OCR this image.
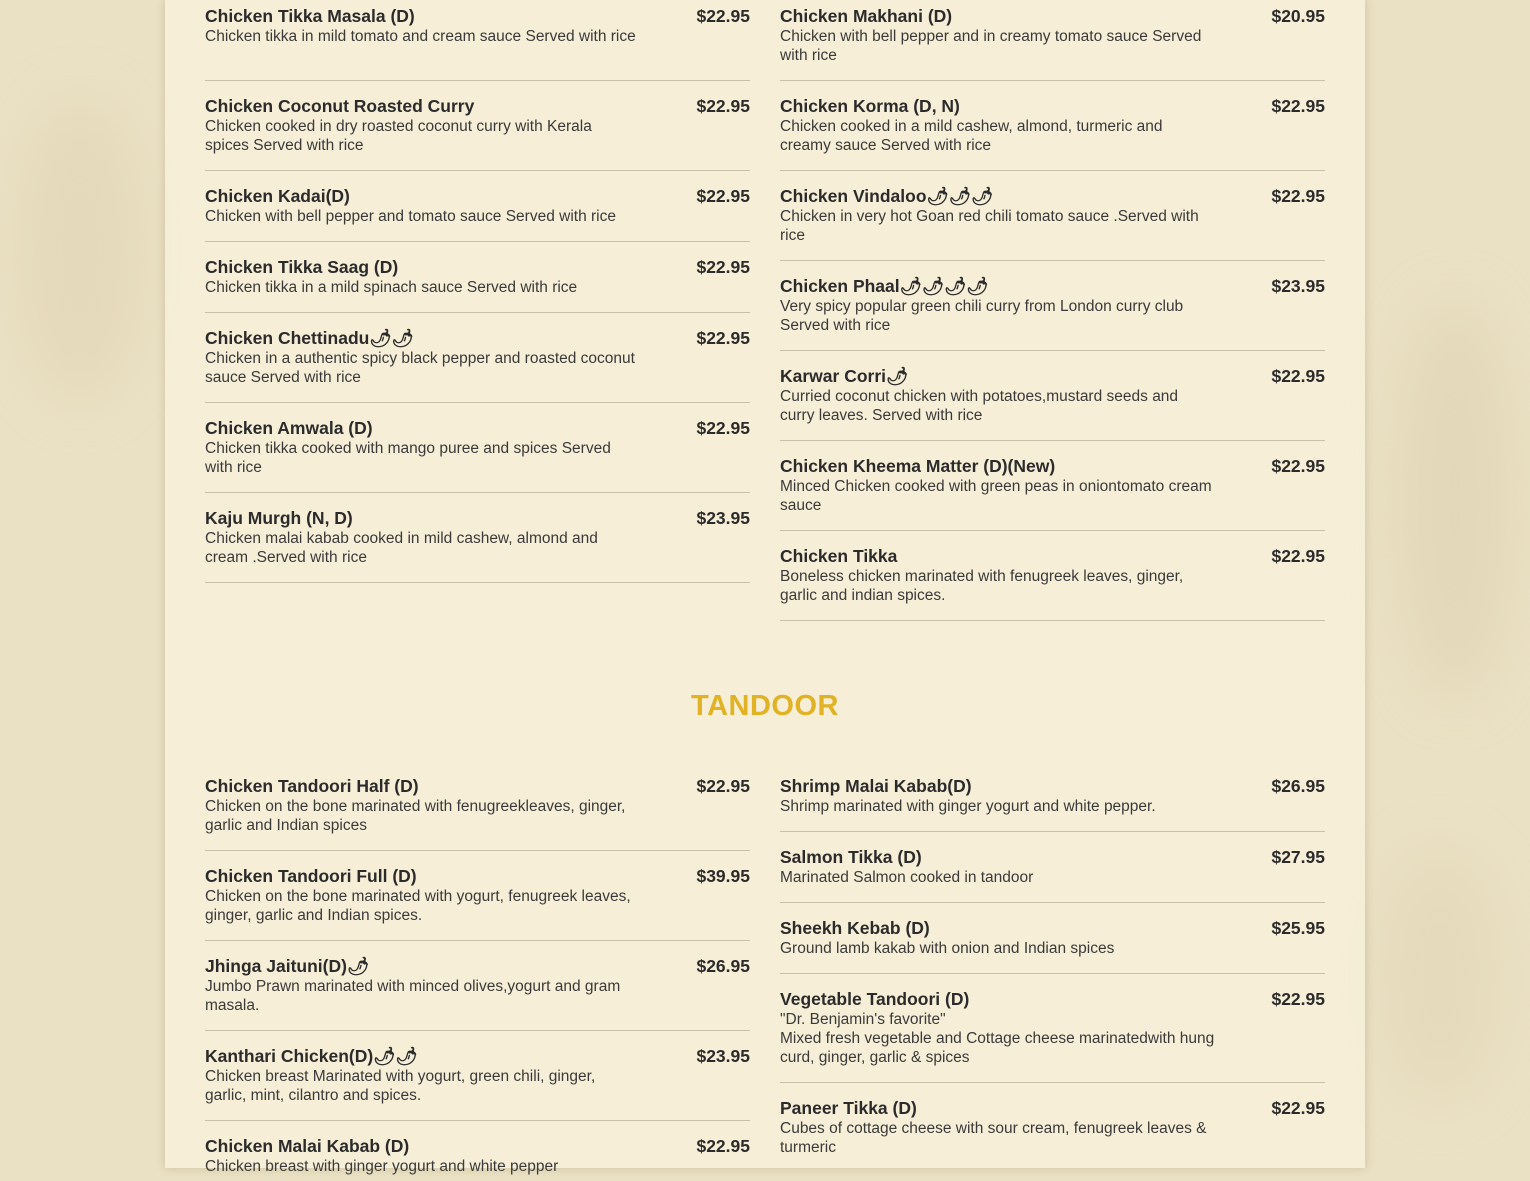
Chicken Tikka Masala (D)	$22.95
Chicken tikka in mild tomato and cream sauce Served with rice
Chicken Coconut Roasted Curry	$22.95
Chicken cooked in dry roasted coconut curry with Kerala spices Served with rice
Chicken Kadai(D)	$22.95
Chicken with bell pepper and tomato sauce Served with rice
Chicken Tikka Saag (D)	$22.95
Chicken tikka in a mild spinach sauce Served with rice
Chicken Chettinadu🌶🌶	$22.95
Chicken in a authentic spicy black pepper and roasted coconut sauce Served with rice
Chicken Amwala (D)	$22.95
Chicken tikka cooked with mango puree and spices Served with rice
Kaju Murgh (N, D)	$23.95
Chicken malai kabab cooked in mild cashew, almond and cream .Served with rice
Chicken Makhani (D)	$20.95
Chicken with bell pepper and in creamy tomato sauce Served with rice
Chicken Korma (D, N)	$22.95
Chicken cooked in a mild cashew, almond, turmeric and creamy sauce Served with rice
Chicken Vindaloo🌶🌶🌶	$22.95
Chicken in very hot Goan red chili tomato sauce .Served with rice
Chicken Phaal🌶🌶🌶🌶	$23.95
Very spicy popular green chili curry from London curry club Served with rice
Karwar Corri🌶	$22.95
Curried coconut chicken with potatoes,mustard seeds and curry leaves. Served with rice
Chicken Kheema Matter (D)(New)	$22.95
Minced Chicken cooked with green peas in oniontomato cream sauce
Chicken Tikka	$22.95
Boneless chicken marinated with fenugreek leaves, ginger, garlic and indian spices.
TANDOOR
Chicken Tandoori Half (D)	$22.95
Chicken on the bone marinated with fenugreekleaves, ginger, garlic and Indian spices
Chicken Tandoori Full (D)	$39.95
Chicken on the bone marinated with yogurt, fenugreek leaves, ginger, garlic and Indian spices.
Jhinga Jaituni(D)🌶	$26.95
Jumbo Prawn marinated with minced olives,yogurt and gram masala.
Kanthari Chicken(D)🌶🌶	$23.95
Chicken breast Marinated with yogurt, green chili, ginger, garlic, mint, cilantro and spices.
Chicken Malai Kabab (D)	$22.95
Chicken breast with ginger yogurt and white pepper
Shrimp Malai Kabab(D)	$26.95
Shrimp marinated with ginger yogurt and white pepper.
Salmon Tikka (D)	$27.95
Marinated Salmon cooked in tandoor
Sheekh Kebab (D)	$25.95
Ground lamb kakab with onion and Indian spices
Vegetable Tandoori (D)	$22.95
"Dr. Benjamin's favorite"
Mixed fresh vegetable and Cottage cheese marinatedwith hung curd, ginger, garlic & spices
Paneer Tikka (D)	$22.95
Cubes of cottage cheese with sour cream, fenugreek leaves & turmeric
